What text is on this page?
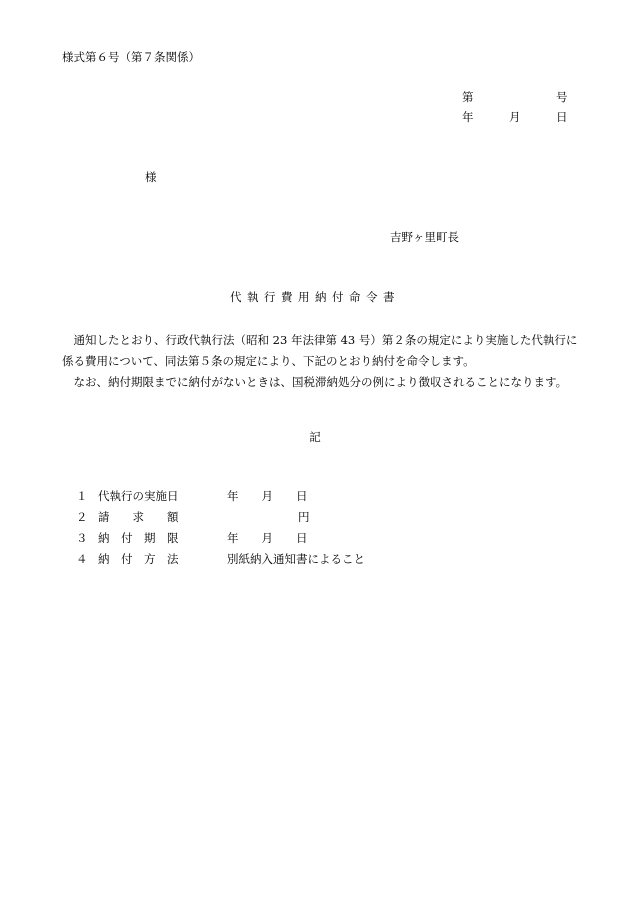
様式第６号（第７条関係）
第	号
年	月	日
様
吉野ヶ里町長
代執行費用納付命令書

通知したとおり、行政代執行法（昭和 23 年法律第 43 号）第２条の規定により実施した代執行に係る費用について、同法第５条の規定により、下記のとおり納付を命令します。

なお、納付期限までに納付がないときは、国税滞納処分の例により徴収されることになります。

記
１ 代執行の実施日	年　　月　　日
２ 請　　求　　額	円
３ 納　付　期　限	年　　月　　日
４ 納　付　方　法	別紙納入通知書によること
